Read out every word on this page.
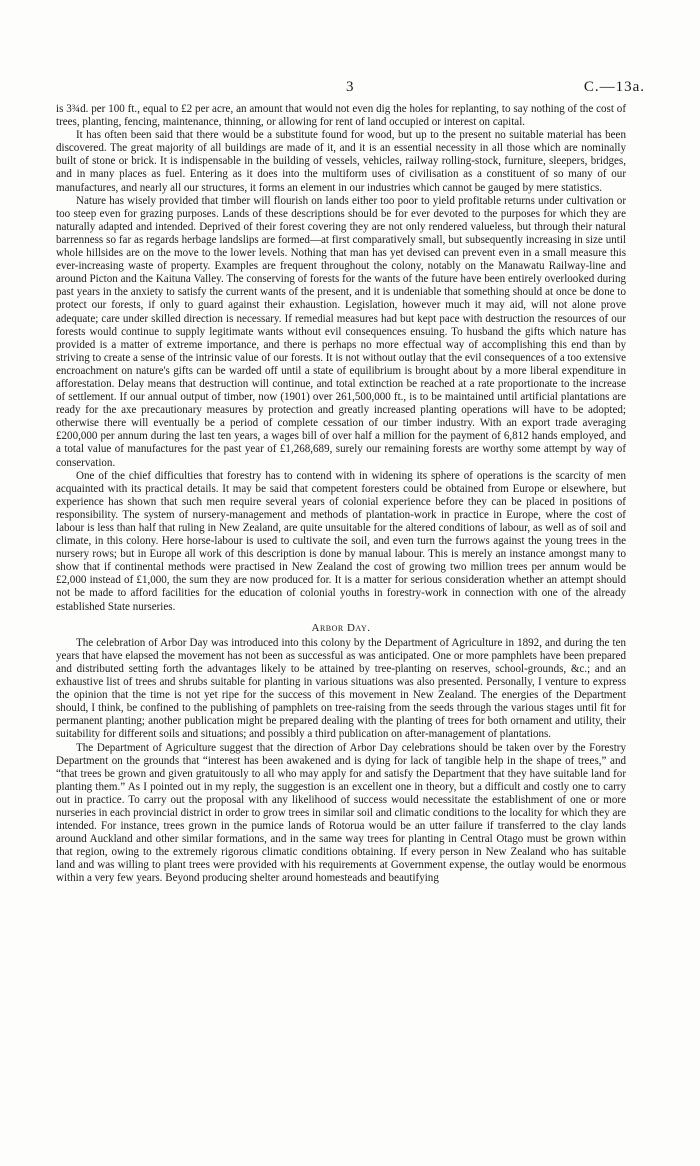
3	C.—13a.

is 3¾d. per 100 ft., equal to £2 per acre, an amount that would not even dig the holes for replanting, to say nothing of the cost of trees, planting, fencing, maintenance, thinning, or allowing for rent of land occupied or interest on capital.

It has often been said that there would be a substitute found for wood, but up to the present no suitable material has been discovered. The great majority of all buildings are made of it, and it is an essential necessity in all those which are nominally built of stone or brick. It is indispensable in the building of vessels, vehicles, railway rolling-stock, furniture, sleepers, bridges, and in many places as fuel. Entering as it does into the multiform uses of civilisation as a constituent of so many of our manufactures, and nearly all our structures, it forms an element in our industries which cannot be gauged by mere statistics.

Nature has wisely provided that timber will flourish on lands either too poor to yield profitable returns under cultivation or too steep even for grazing purposes. Lands of these descriptions should be for ever devoted to the purposes for which they are naturally adapted and intended. Deprived of their forest covering they are not only rendered valueless, but through their natural barrenness so far as regards herbage landslips are formed—at first comparatively small, but subsequently increasing in size until whole hillsides are on the move to the lower levels. Nothing that man has yet devised can prevent even in a small measure this ever-increasing waste of property. Examples are frequent throughout the colony, notably on the Manawatu Railway-line and around Picton and the Kaituna Valley. The conserving of forests for the wants of the future have been entirely overlooked during past years in the anxiety to satisfy the current wants of the present, and it is undeniable that something should at once be done to protect our forests, if only to guard against their exhaustion. Legislation, however much it may aid, will not alone prove adequate; care under skilled direction is necessary. If remedial measures had but kept pace with destruction the resources of our forests would continue to supply legitimate wants without evil consequences ensuing. To husband the gifts which nature has provided is a matter of extreme importance, and there is perhaps no more effectual way of accomplishing this end than by striving to create a sense of the intrinsic value of our forests. It is not without outlay that the evil consequences of a too extensive encroachment on nature's gifts can be warded off until a state of equilibrium is brought about by a more liberal expenditure in afforestation. Delay means that destruction will continue, and total extinction be reached at a rate proportionate to the increase of settlement. If our annual output of timber, now (1901) over 261,500,000 ft., is to be maintained until artificial plantations are ready for the axe precautionary measures by protection and greatly increased planting operations will have to be adopted; otherwise there will eventually be a period of complete cessation of our timber industry. With an export trade averaging £200,000 per annum during the last ten years, a wages bill of over half a million for the payment of 6,812 hands employed, and a total value of manufactures for the past year of £1,268,689, surely our remaining forests are worthy some attempt by way of conservation.

One of the chief difficulties that forestry has to contend with in widening its sphere of operations is the scarcity of men acquainted with its practical details. It may be said that competent foresters could be obtained from Europe or elsewhere, but experience has shown that such men require several years of colonial experience before they can be placed in positions of responsibility. The system of nursery-management and methods of plantation-work in practice in Europe, where the cost of labour is less than half that ruling in New Zealand, are quite unsuitable for the altered conditions of labour, as well as of soil and climate, in this colony. Here horse-labour is used to cultivate the soil, and even turn the furrows against the young trees in the nursery rows; but in Europe all work of this description is done by manual labour. This is merely an instance amongst many to show that if continental methods were practised in New Zealand the cost of growing two million trees per annum would be £2,000 instead of £1,000, the sum they are now produced for. It is a matter for serious consideration whether an attempt should not be made to afford facilities for the education of colonial youths in forestry-work in connection with one of the already established State nurseries.

Arbor Day.

The celebration of Arbor Day was introduced into this colony by the Department of Agriculture in 1892, and during the ten years that have elapsed the movement has not been as successful as was anticipated. One or more pamphlets have been prepared and distributed setting forth the advantages likely to be attained by tree-planting on reserves, school-grounds, &c.; and an exhaustive list of trees and shrubs suitable for planting in various situations was also presented. Personally, I venture to express the opinion that the time is not yet ripe for the success of this movement in New Zealand. The energies of the Department should, I think, be confined to the publishing of pamphlets on tree-raising from the seeds through the various stages until fit for permanent planting; another publication might be prepared dealing with the planting of trees for both ornament and utility, their suitability for different soils and situations; and possibly a third publication on after-management of plantations.

The Department of Agriculture suggest that the direction of Arbor Day celebrations should be taken over by the Forestry Department on the grounds that “interest has been awakened and is dying for lack of tangible help in the shape of trees,” and “that trees be grown and given gratuitously to all who may apply for and satisfy the Department that they have suitable land for planting them.” As I pointed out in my reply, the suggestion is an excellent one in theory, but a difficult and costly one to carry out in practice. To carry out the proposal with any likelihood of success would necessitate the establishment of one or more nurseries in each provincial district in order to grow trees in similar soil and climatic conditions to the locality for which they are intended. For instance, trees grown in the pumice lands of Rotorua would be an utter failure if transferred to the clay lands around Auckland and other similar formations, and in the same way trees for planting in Central Otago must be grown within that region, owing to the extremely rigorous climatic conditions obtaining. If every person in New Zealand who has suitable land and was willing to plant trees were provided with his requirements at Government expense, the outlay would be enormous within a very few years. Beyond producing shelter around homesteads and beautifying
